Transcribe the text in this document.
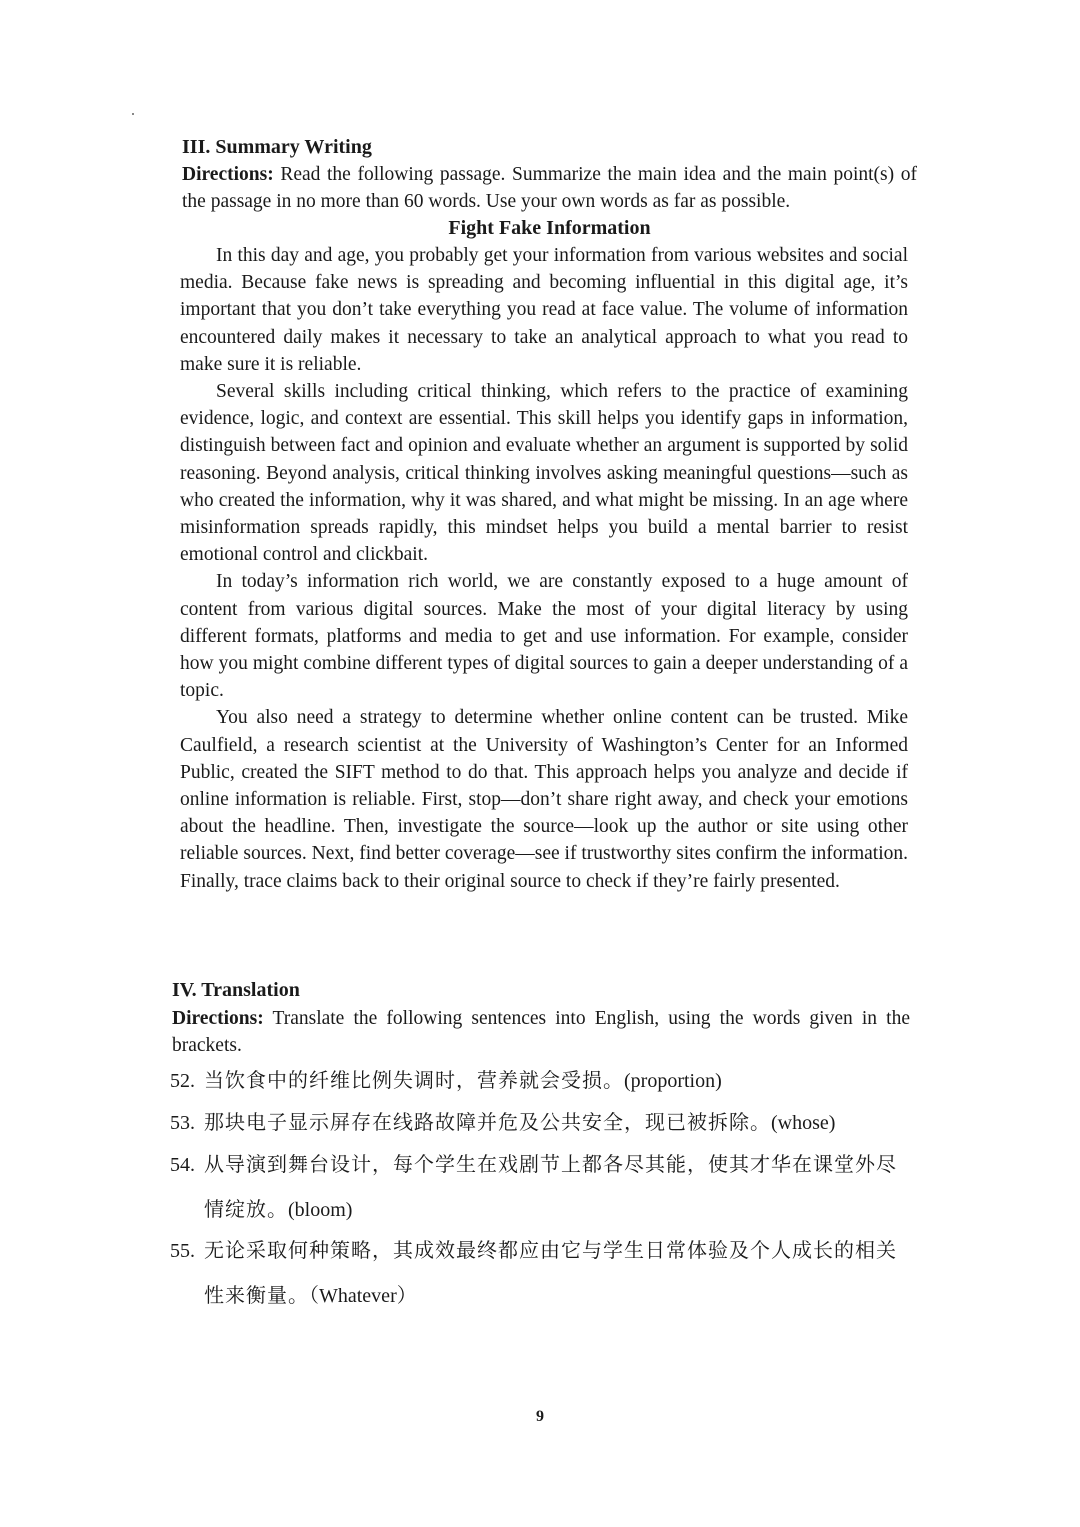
III. Summary Writing
Directions: Read the following passage. Summarize the main idea and the main point(s) of the passage in no more than 60 words. Use your own words as far as possible.
Fight Fake Information

In this day and age, you probably get your information from various websites and social media. Because fake news is spreading and becoming influential in this digital age, it’s important that you don’t take everything you read at face value. The volume of information encountered daily makes it necessary to take an analytical approach to what you read to make sure it is reliable.

Several skills including critical thinking, which refers to the practice of examining evidence, logic, and context are essential. This skill helps you identify gaps in information, distinguish between fact and opinion and evaluate whether an argument is supported by solid reasoning. Beyond analysis, critical thinking involves asking meaningful questions—such as who created the information, why it was shared, and what might be missing. In an age where misinformation spreads rapidly, this mindset helps you build a mental barrier to resist emotional control and clickbait.

In today’s information rich world, we are constantly exposed to a huge amount of content from various digital sources. Make the most of your digital literacy by using different formats, platforms and media to get and use information. For example, consider how you might combine different types of digital sources to gain a deeper understanding of a topic.

You also need a strategy to determine whether online content can be trusted. Mike Caulfield, a research scientist at the University of Washington’s Center for an Informed Public, created the SIFT method to do that. This approach helps you analyze and decide if online information is reliable. First, stop—don’t share right away, and check your emotions about the headline. Then, investigate the source—look up the author or site using other reliable sources. Next, find better coverage—see if trustworthy sites confirm the information. Finally, trace claims back to their original source to check if they’re fairly presented.

IV. Translation
Directions: Translate the following sentences into English, using the words given in the brackets.
52. 当饮食中的纤维比例失调时，营养就会受损。(proportion)
53. 那块电子显示屏存在线路故障并危及公共安全，现已被拆除。(whose)
54. 从导演到舞台设计，每个学生在戏剧节上都各尽其能，使其才华在课堂外尽
情绽放。(bloom)
55. 无论采取何种策略，其成效最终都应由它与学生日常体验及个人成长的相关
性来衡量。（Whatever）
9
